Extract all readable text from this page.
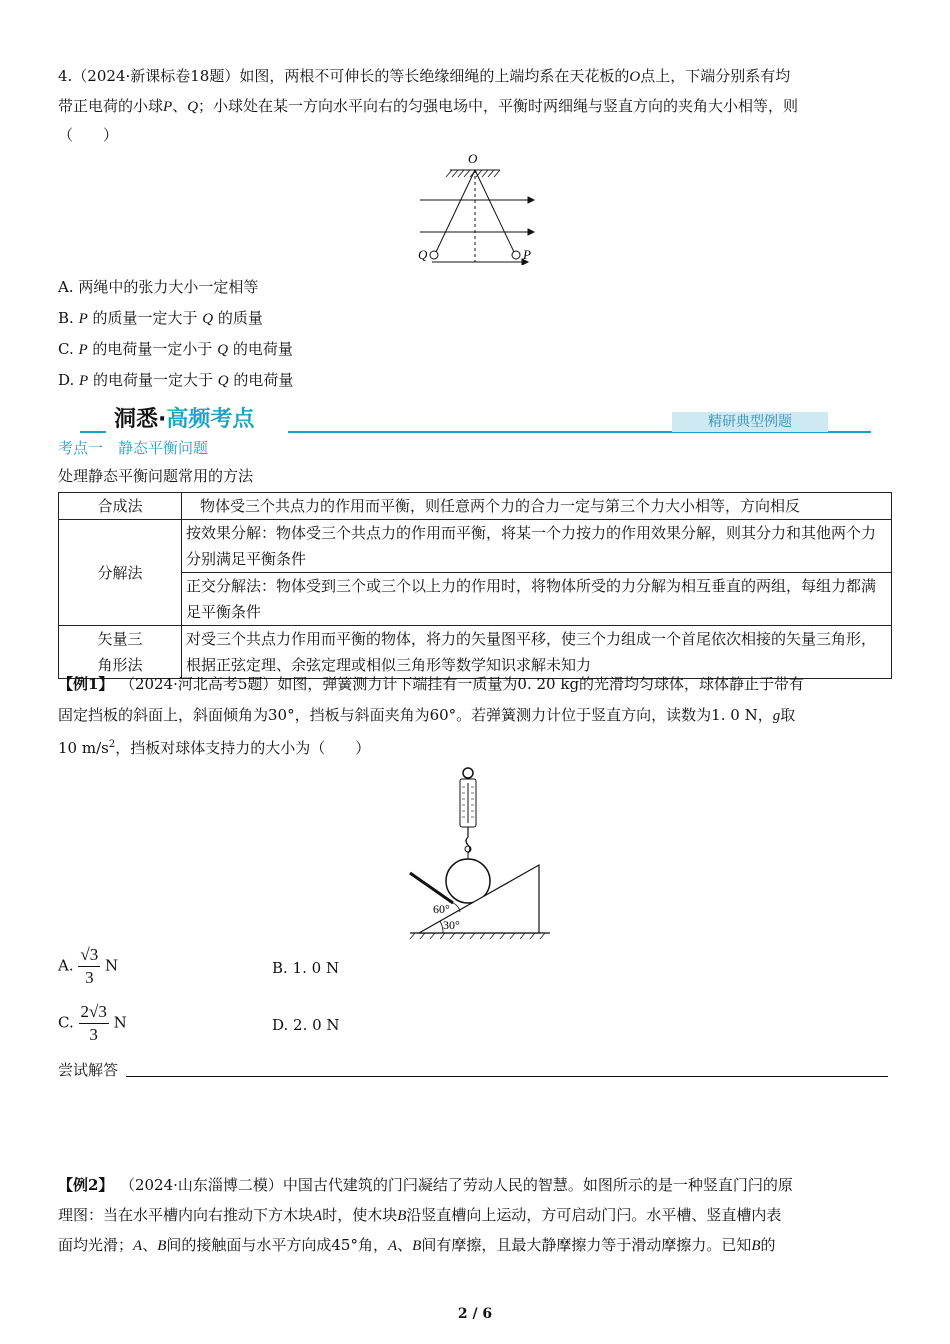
4.（2024·新课标卷18题）如图，两根不可伸长的等长绝缘细绳的上端均系在天花板的O点上，下端分别系有均
带正电荷的小球P、Q；小球处在某一方向水平向右的匀强电场中，平衡时两细绳与竖直方向的夹角大小相等，则
（　　）
O
Q	P
A. 两绳中的张力大小一定相等
B. P 的质量一定大于 Q 的质量
C. P 的电荷量一定小于 Q 的电荷量
D. P 的电荷量一定大于 Q 的电荷量
洞悉·高频考点	精研典型例题
考点一　静态平衡问题
处理静态平衡问题常用的方法
合成法	物体受三个共点力的作用而平衡，则任意两个力的合力一定与第三个力大小相等，方向相反
分解法	按效果分解：物体受三个共点力的作用而平衡，将某一个力按力的作用效果分解，则其分力和其他两个力分别满足平衡条件
	正交分解法：物体受到三个或三个以上力的作用时，将物体所受的力分解为相互垂直的两组，每组力都满足平衡条件

矢量三
角形法	对受三个共点力作用而平衡的物体，将力的矢量图平移，使三个力组成一个首尾依次相接的矢量三角形，根据正弦定理、余弦定理或相似三角形等数学知识求解未知力
【例1】 （2024·河北高考5题）如图，弹簧测力计下端挂有一质量为0. 20 kg的光滑均匀球体，球体静止于带有
固定挡板的斜面上，斜面倾角为30°，挡板与斜面夹角为60°。若弹簧测力计位于竖直方向，读数为1. 0 N，g取
10 $m/s^2$，挡板对球体支持力的大小为（　　）
60°
30°
A. $\frac{√3}{3}$ N	B. 1. 0 N
C. $\frac{2√3}{3}$ N	D. 2. 0 N
尝试解答
【例2】 （2024·山东淄博二模）中国古代建筑的门闩凝结了劳动人民的智慧。如图所示的是一种竖直门闩的原
理图：当在水平槽内向右推动下方木块A时，使木块B沿竖直槽向上运动，方可启动门闩。水平槽、竖直槽内表
面均光滑；A、B间的接触面与水平方向成45°角，A、B间有摩擦，且最大静摩擦力等于滑动摩擦力。已知B的
2 / 6
